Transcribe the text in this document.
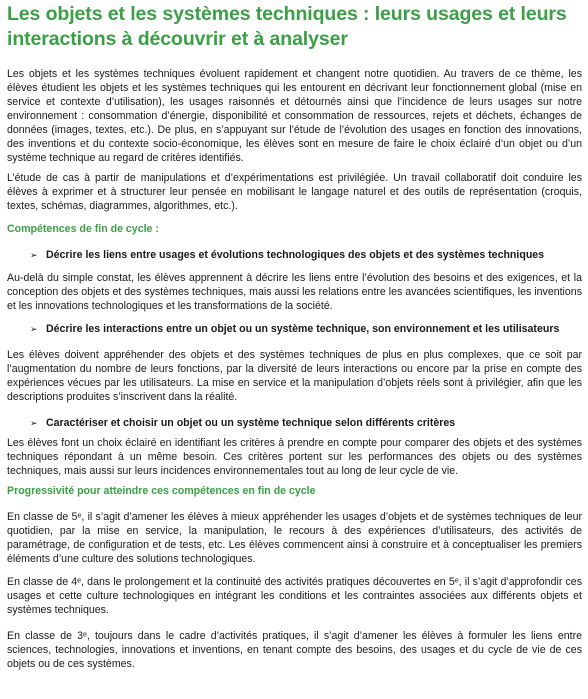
Les objets et les systèmes techniques : leurs usages et leurs interactions à découvrir et à analyser

Les objets et les systèmes techniques évoluent rapidement et changent notre quotidien. Au travers de ce thème, les élèves étudient les objets et les systèmes techniques qui les entourent en décrivant leur fonctionnement global (mise en service et contexte d’utilisation), les usages raisonnés et détournés ainsi que l’incidence de leurs usages sur notre environnement : consommation d’énergie, disponibilité et consommation de ressources, rejets et déchets, échanges de données (images, textes, etc.). De plus, en s’appuyant sur l’étude de l’évolution des usages en fonction des innovations, des inventions et du contexte socio-économique, les élèves sont en mesure de faire le choix éclairé d’un objet ou d’un système technique au regard de critères identifiés.

L’étude de cas à partir de manipulations et d’expérimentations est privilégiée. Un travail collaboratif doit conduire les élèves à exprimer et à structurer leur pensée en mobilisant le langage naturel et des outils de représentation (croquis, textes, schémas, diagrammes, algorithmes, etc.).

Compétences de fin de cycle :
➢ Décrire les liens entre usages et évolutions technologiques des objets et des systèmes techniques

Au-delà du simple constat, les élèves apprennent à décrire les liens entre l’évolution des besoins et des exigences, et la conception des objets et des systèmes techniques, mais aussi les relations entre les avancées scientifiques, les inventions et les innovations technologiques et les transformations de la société.

➢ Décrire les interactions entre un objet ou un système technique, son environnement et les utilisateurs

Les élèves doivent appréhender des objets et des systèmes techniques de plus en plus complexes, que ce soit par l’augmentation du nombre de leurs fonctions, par la diversité de leurs interactions ou encore par la prise en compte des expériences vécues par les utilisateurs. La mise en service et la manipulation d’objets réels sont à privilégier, afin que les descriptions produites s’inscrivent dans la réalité.

➢ Caractériser et choisir un objet ou un système technique selon différents critères

Les élèves font un choix éclairé en identifiant les critères à prendre en compte pour comparer des objets et des systèmes techniques répondant à un même besoin. Ces critères portent sur les performances des objets ou des systèmes techniques, mais aussi sur leurs incidences environnementales tout au long de leur cycle de vie.

Progressivité pour atteindre ces compétences en fin de cycle

En classe de 5ᵉ, il s’agit d’amener les élèves à mieux appréhender les usages d’objets et de systèmes techniques de leur quotidien, par la mise en service, la manipulation, le recours à des expériences d’utilisateurs, des activités de paramétrage, de configuration et de tests, etc. Les élèves commencent ainsi à construire et à conceptualiser les premiers éléments d’une culture des solutions technologiques.

En classe de 4ᵉ, dans le prolongement et la continuité des activités pratiques découvertes en 5ᵉ, il s’agit d’approfondir ces usages et cette culture technologiques en intégrant les conditions et les contraintes associées aux différents objets et systèmes techniques.

En classe de 3ᵉ, toujours dans le cadre d’activités pratiques, il s’agit d’amener les élèves à formuler les liens entre sciences, technologies, innovations et inventions, en tenant compte des besoins, des usages et du cycle de vie de ces objets ou de ces systèmes.
